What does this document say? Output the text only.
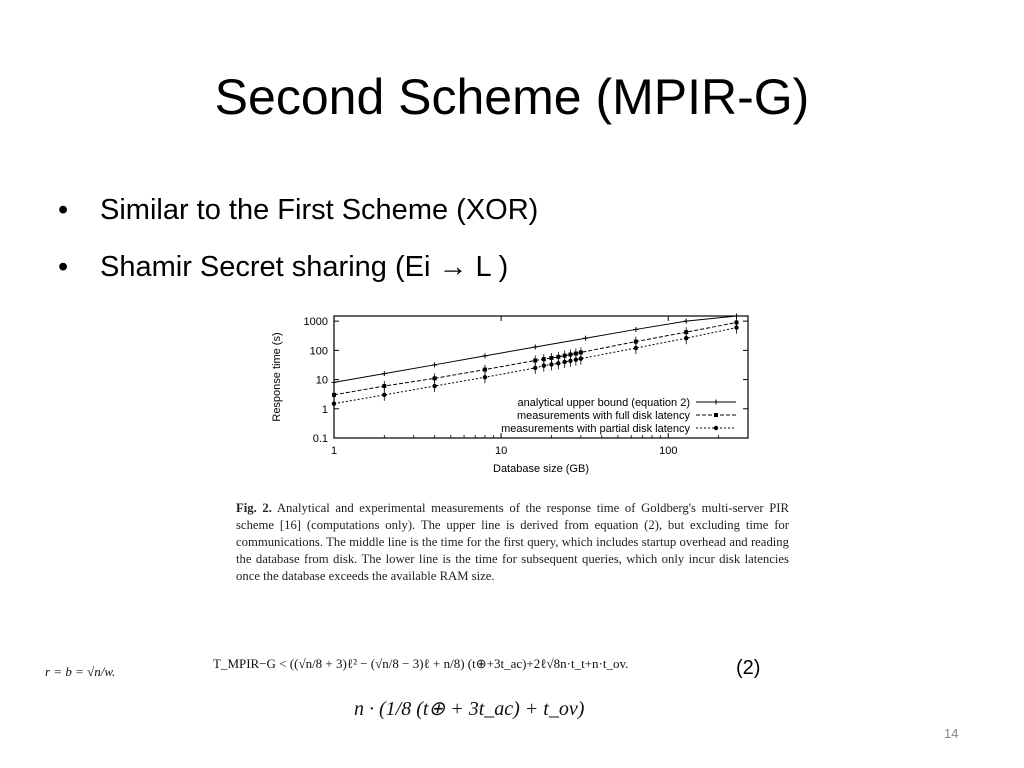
Second Scheme (MPIR-G)
• Similar to the First Scheme (XOR)
• Shamir Secret sharing (Ei → L )
0.1
1
10
100
1000
1	10	100
Database size (GB)
Response time (s)	analytical upper bound (equation 2)
measurements with full disk latency
measurements with partial disk latency
Fig. 2. Analytical and experimental measurements of the response time of Goldberg's multi-server PIR scheme [16] (computations only). The upper line is derived from equation (2), but excluding time for communications. The middle line is the time for the first query, which includes startup overhead and reading the database from disk. The lower line is the time for subsequent queries, which only incur disk latencies once the database exceeds the available RAM size.
r = b = √n/w.
T_MPIR−G < ((√n/8 + 3)ℓ² − (√n/8 − 3)ℓ + n/8) (t⊕+3t_ac)+2ℓ√8n·t_t+n·t_ov.	(2)
n · (1/8 (t⊕ + 3t_ac) + t_ov)
14
